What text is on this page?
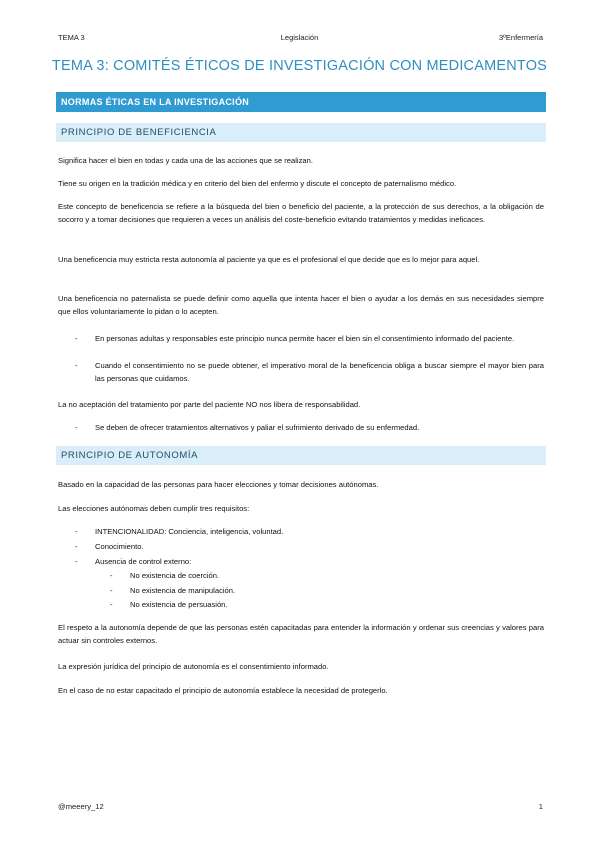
TEMA 3	Legislación	3ºEnfermería
TEMA 3: COMITÉS ÉTICOS DE INVESTIGACIÓN CON MEDICAMENTOS
NORMAS ÉTICAS EN LA INVESTIGACIÓN
PRINCIPIO DE BENEFICIENCIA
Significa hacer el bien en todas y cada una de las acciones que se realizan.
Tiene su origen en la tradición médica y en criterio del bien del enfermo y discute el concepto de paternalismo médico.
Este concepto de beneficencia se refiere a la búsqueda del bien o beneficio del paciente, a la protección de sus derechos, a la obligación de socorro y a tomar decisiones que requieren a veces un análisis del coste-beneficio evitando tratamientos y medidas ineficaces.
Una beneficencia muy estricta resta autonomía al paciente ya que es el profesional el que decide que es lo mejor para aquel.
Una beneficencia no paternalista se puede definir como aquella que intenta hacer el bien o ayudar a los demás en sus necesidades siempre que ellos voluntariamente lo pidan o lo acepten.
- En personas adultas y responsables este principio nunca permite hacer el bien sin el consentimiento informado del paciente.
- Cuando el consentimiento no se puede obtener, el imperativo moral de la beneficencia obliga a buscar siempre el mayor bien para las personas que cuidamos.
La no aceptación del tratamiento por parte del paciente NO nos libera de responsabilidad.
- Se deben de ofrecer tratamientos alternativos y paliar el sufrimiento derivado de su enfermedad.
PRINCIPIO DE AUTONOMÍA
Basado en la capacidad de las personas para hacer elecciones y tomar decisiones autónomas.
Las elecciones autónomas deben cumplir tres requisitos:
- INTENCIONALIDAD: Conciencia, inteligencia, voluntad.
- Conocimiento.
- Ausencia de control externo:
- No existencia de coerción.
- No existencia de manipulación.
- No existencia de persuasión.
El respeto a la autonomía depende de que las personas estén capacitadas para entender la información y ordenar sus creencias y valores para actuar sin controles externos.
La expresión jurídica del principio de autonomía es el consentimiento informado.
En el caso de no estar capacitado el principio de autonomía establece la necesidad de protegerlo.
@meeery_12	1
